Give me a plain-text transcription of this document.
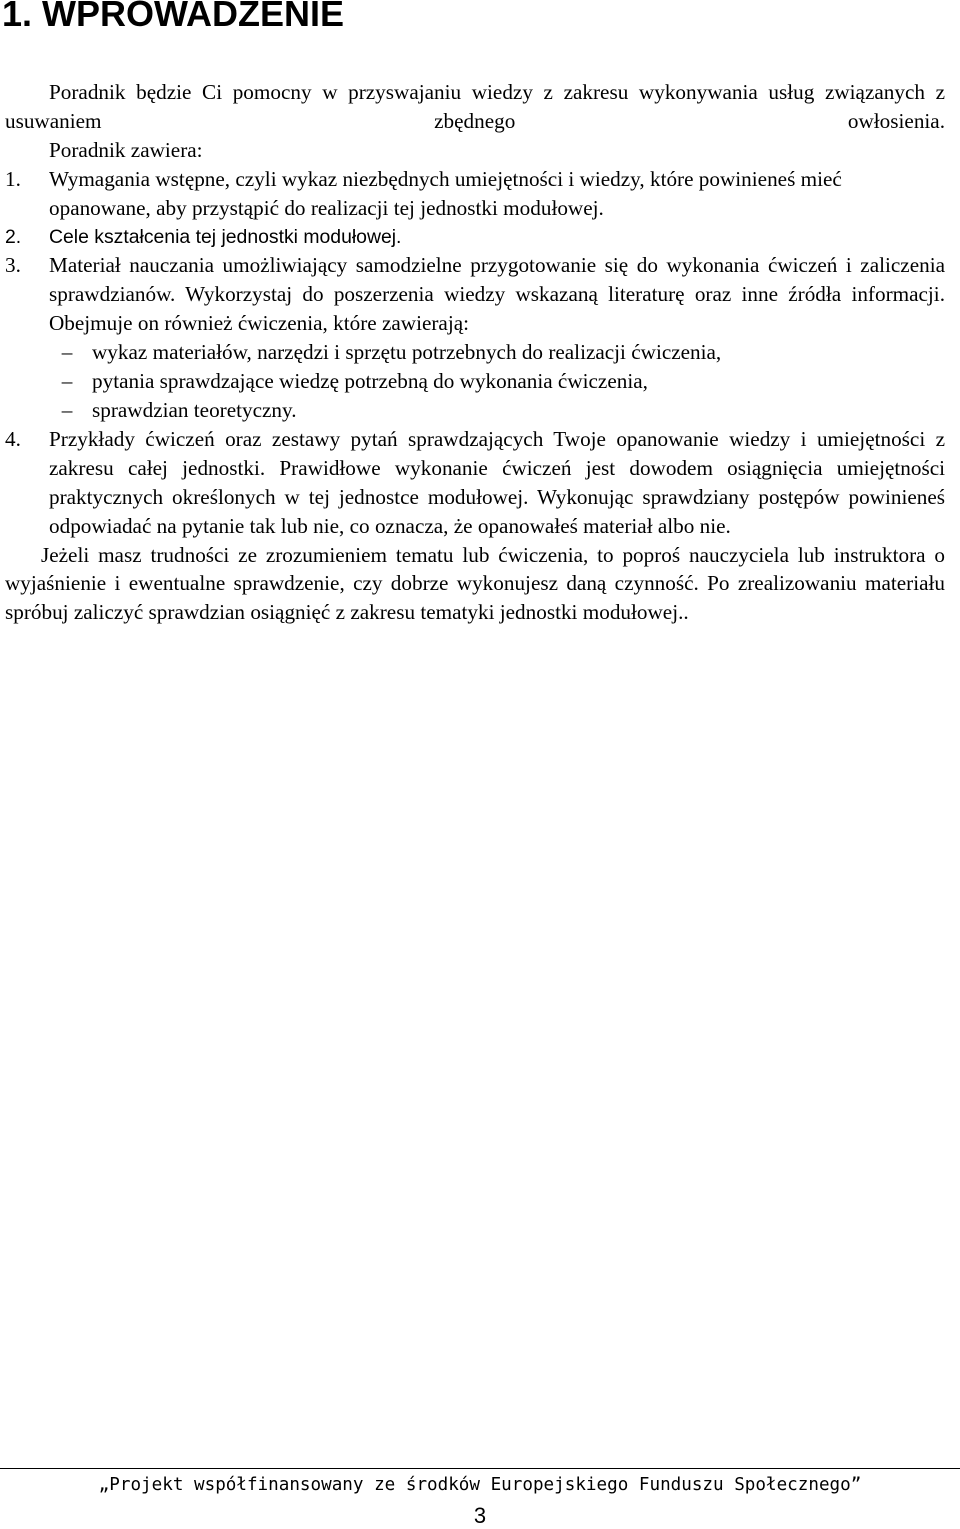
1. WPROWADZENIE

Poradnik będzie Ci pomocny w przyswajaniu wiedzy z zakresu wykonywania usług związanych z usuwaniem zbędnego owłosienia.

Poradnik zawiera:

1.	Wymagania wstępne, czyli wykaz niezbędnych umiejętności i wiedzy, które powinieneś mieć opanowane, aby przystąpić do realizacji tej jednostki modułowej.
2.	Cele kształcenia tej jednostki modułowej.
3.	Materiał nauczania umożliwiający samodzielne przygotowanie się do wykonania ćwiczeń i zaliczenia sprawdzianów. Wykorzystaj do poszerzenia wiedzy wskazaną literaturę oraz inne źródła informacji. Obejmuje on również ćwiczenia, które zawierają:
– wykaz materiałów, narzędzi i sprzętu potrzebnych do realizacji ćwiczenia,
– pytania sprawdzające wiedzę potrzebną do wykonania ćwiczenia,
– sprawdzian teoretyczny.
4.	Przykłady ćwiczeń oraz zestawy pytań sprawdzających Twoje opanowanie wiedzy i umiejętności z zakresu całej jednostki. Prawidłowe wykonanie ćwiczeń jest dowodem osiągnięcia umiejętności praktycznych określonych w tej jednostce modułowej. Wykonując sprawdziany postępów powinieneś odpowiadać na pytanie tak lub nie, co oznacza, że opanowałeś materiał albo nie.

Jeżeli masz trudności ze zrozumieniem tematu lub ćwiczenia, to poproś nauczyciela lub instruktora o wyjaśnienie i ewentualne sprawdzenie, czy dobrze wykonujesz daną czynność. Po zrealizowaniu materiału spróbuj zaliczyć sprawdzian osiągnięć z zakresu tematyki jednostki modułowej..

„Projekt współfinansowany ze środków Europejskiego Funduszu Społecznego”
3
